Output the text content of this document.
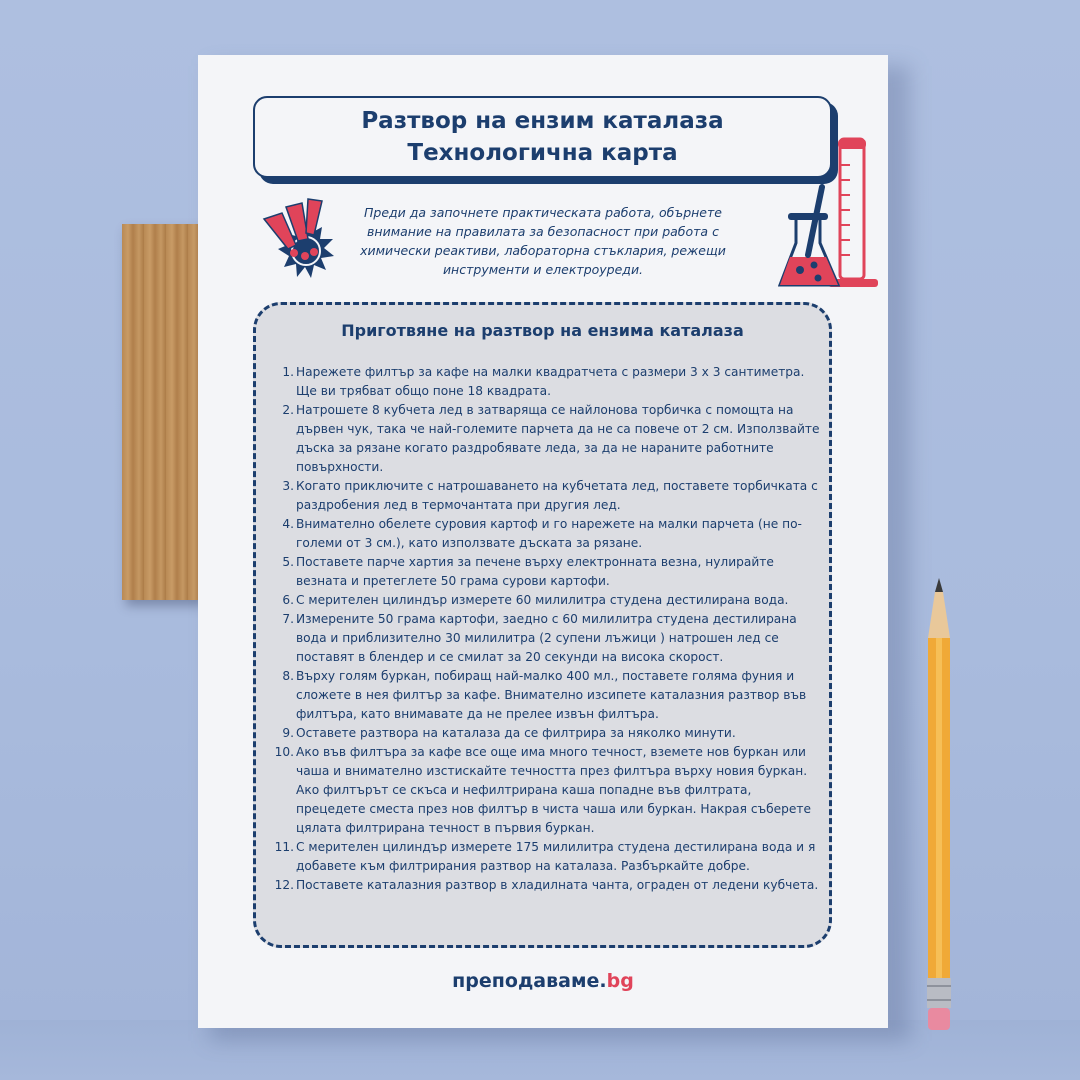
Разтвор на ензим каталаза
Технологична карта
Преди да започнете практическата работа, обърнете внимание на правилата за безопасност при работа с химически реактиви, лабораторна стъклария, режещи инструменти и електроуреди.
Приготвяне на разтвор на ензима каталаза
1. Нарежете филтър за кафе на малки квадратчета с размери 3 х 3 сантиметра. Ще ви трябват общо поне 18 квадрата.
2. Натрошете 8 кубчета лед в затваряща се найлонова торбичка с помощта на дървен чук, така че най-големите парчета да не са повече от 2 см. Използвайте дъска за рязане когато раздробявате леда, за да не нараните работните повърхности.
3. Когато приключите с натрошаването на кубчетата лед, поставете торбичката с раздробения лед в термочантата при другия лед.
4. Внимателно обелете суровия картоф и го нарежете на малки парчета (не по-големи от 3 см.), като използвате дъската за рязане.
5. Поставете парче хартия за печене върху електронната везна, нулирайте везната и претеглете 50 грама сурови картофи.
6. С мерителен цилиндър измерете 60 милилитра студена дестилирана вода.
7. Измерените 50 грама картофи, заедно с 60 милилитра студена дестилирана вода и приблизително 30 милилитра (2 супени лъжици ) натрошен лед се поставят в блендер и се смилат за 20 секунди на висока скорост.
8. Върху голям буркан, побиращ най-малко 400 мл., поставете голяма фуния и сложете в нея филтър за кафе. Внимателно изсипете каталазния разтвор във филтъра, като внимавате да не прелее извън филтъра.
9. Оставете разтвора на каталаза да се филтрира за няколко минути.
10. Ако във филтъра за кафе все още има много течност, вземете нов буркан или чаша и внимателно изстискайте течността през филтъра върху новия буркан. Ако филтърът се скъса и нефилтрирана каша попадне във филтрата, прецедете сместа през нов филтър в чиста чаша или буркан. Накрая съберете цялата филтрирана течност в първия буркан.
11. С мерителен цилиндър измерете 175 милилитра студена дестилирана вода и я добавете към филтрирания разтвор на каталаза. Разбъркайте добре.
12. Поставете каталазния разтвор в хладилната чанта, ограден от ледени кубчета.
преподаваме.bg
